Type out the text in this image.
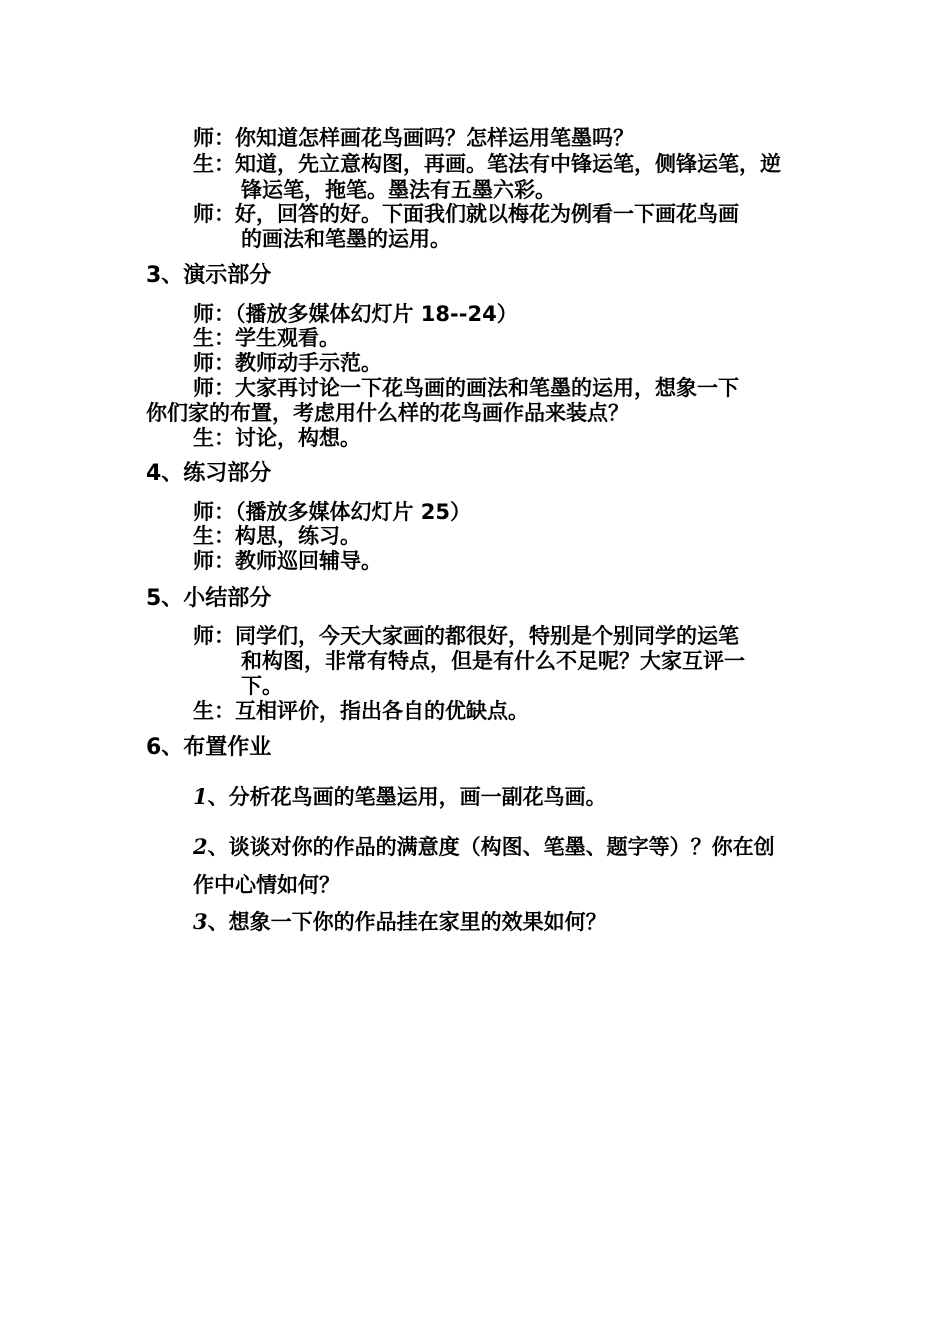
师：你知道怎样画花鸟画吗？怎样运用笔墨吗？
生：知道，先立意构图，再画。笔法有中锋运笔，侧锋运笔，逆
锋运笔，拖笔。墨法有五墨六彩。
师：好，回答的好。下面我们就以梅花为例看一下画花鸟画
的画法和笔墨的运用。
3、演示部分
师：（播放多媒体幻灯片 18--24）
生：学生观看。
师：教师动手示范。
师：大家再讨论一下花鸟画的画法和笔墨的运用，想象一下
你们家的布置，考虑用什么样的花鸟画作品来装点？
生：讨论，构想。
4、练习部分
师：（播放多媒体幻灯片 25）
生：构思，练习。
师：教师巡回辅导。
5、小结部分
师：同学们，今天大家画的都很好，特别是个别同学的运笔
和构图，非常有特点，但是有什么不足呢？大家互评一
下。
生：互相评价，指出各自的优缺点。
6、布置作业
1、分析花鸟画的笔墨运用，画一副花鸟画。
2、谈谈对你的作品的满意度（构图、笔墨、题字等）？你在创
作中心情如何？
3、想象一下你的作品挂在家里的效果如何？
